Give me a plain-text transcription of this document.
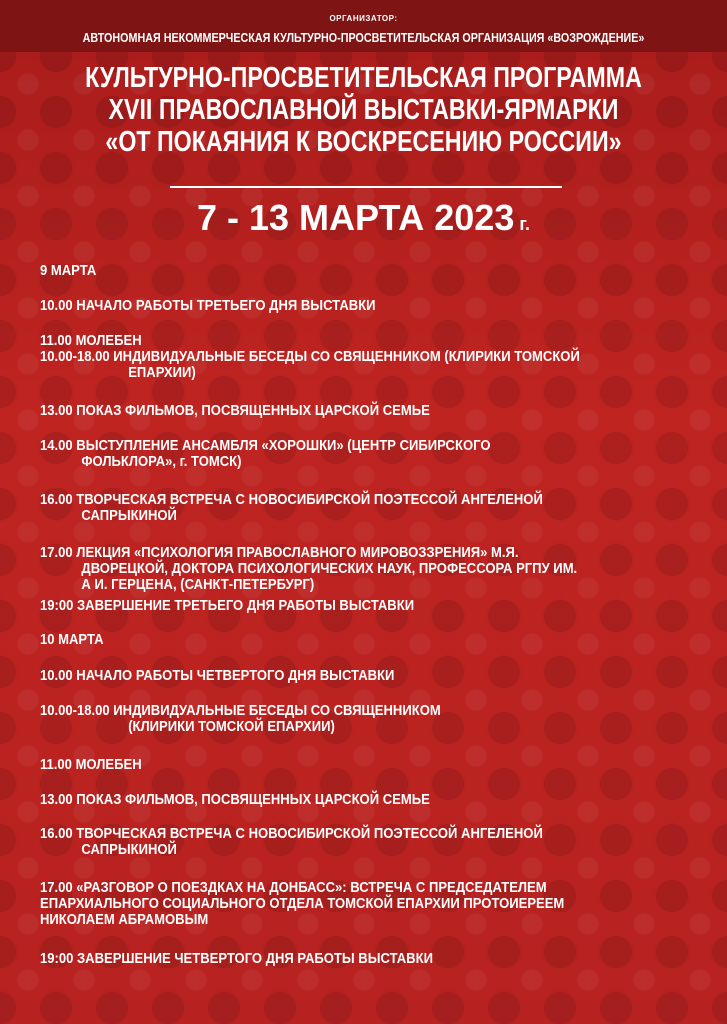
ОРГАНИЗАТОР:
АВТОНОМНАЯ НЕКОММЕРЧЕСКАЯ КУЛЬТУРНО-ПРОСВЕТИТЕЛЬСКАЯ ОРГАНИЗАЦИЯ «ВОЗРОЖДЕНИЕ»
КУЛЬТУРНО-ПРОСВЕТИТЕЛЬСКАЯ ПРОГРАММА
XVII ПРАВОСЛАВНОЙ ВЫСТАВКИ-ЯРМАРКИ
«ОТ ПОКАЯНИЯ К ВОСКРЕСЕНИЮ РОССИИ»
7 - 13 МАРТА 2023 г.
9 МАРТА
10.00 НАЧАЛО РАБОТЫ ТРЕТЬЕГО ДНЯ ВЫСТАВКИ
11.00 МОЛЕБЕН
10.00-18.00 ИНДИВИДУАЛЬНЫЕ БЕСЕДЫ СО СВЯЩЕННИКОМ (КЛИРИКИ ТОМСКОЙ
ЕПАРХИИ)
13.00 ПОКАЗ ФИЛЬМОВ, ПОСВЯЩЕННЫХ ЦАРСКОЙ СЕМЬЕ
14.00 ВЫСТУПЛЕНИЕ АНСАМБЛЯ «ХОРОШКИ» (ЦЕНТР СИБИРСКОГО
ФОЛЬКЛОРА», г. ТОМСК)
16.00 ТВОРЧЕСКАЯ ВСТРЕЧА С НОВОСИБИРСКОЙ ПОЭТЕССОЙ АНГЕЛЕНОЙ
САПРЫКИНОЙ
17.00 ЛЕКЦИЯ «ПСИХОЛОГИЯ ПРАВОСЛАВНОГО МИРОВОЗЗРЕНИЯ» М.Я.
ДВОРЕЦКОЙ, ДОКТОРА ПСИХОЛОГИЧЕСКИХ НАУК, ПРОФЕССОРА РГПУ ИМ.
А И. ГЕРЦЕНА, (САНКТ-ПЕТЕРБУРГ)
19:00 ЗАВЕРШЕНИЕ ТРЕТЬЕГО ДНЯ РАБОТЫ ВЫСТАВКИ
10 МАРТА
10.00 НАЧАЛО РАБОТЫ ЧЕТВЕРТОГО ДНЯ ВЫСТАВКИ
10.00-18.00 ИНДИВИДУАЛЬНЫЕ БЕСЕДЫ СО СВЯЩЕННИКОМ
(КЛИРИКИ ТОМСКОЙ ЕПАРХИИ)
11.00 МОЛЕБЕН
13.00 ПОКАЗ ФИЛЬМОВ, ПОСВЯЩЕННЫХ ЦАРСКОЙ СЕМЬЕ
16.00 ТВОРЧЕСКАЯ ВСТРЕЧА С НОВОСИБИРСКОЙ ПОЭТЕССОЙ АНГЕЛЕНОЙ
САПРЫКИНОЙ
17.00 «РАЗГОВОР О ПОЕЗДКАХ НА ДОНБАСС»: ВСТРЕЧА С ПРЕДСЕДАТЕЛЕМ
ЕПАРХИАЛЬНОГО СОЦИАЛЬНОГО ОТДЕЛА ТОМСКОЙ ЕПАРХИИ ПРОТОИЕРЕЕМ
НИКОЛАЕМ АБРАМОВЫМ
19:00 ЗАВЕРШЕНИЕ ЧЕТВЕРТОГО ДНЯ РАБОТЫ ВЫСТАВКИ
